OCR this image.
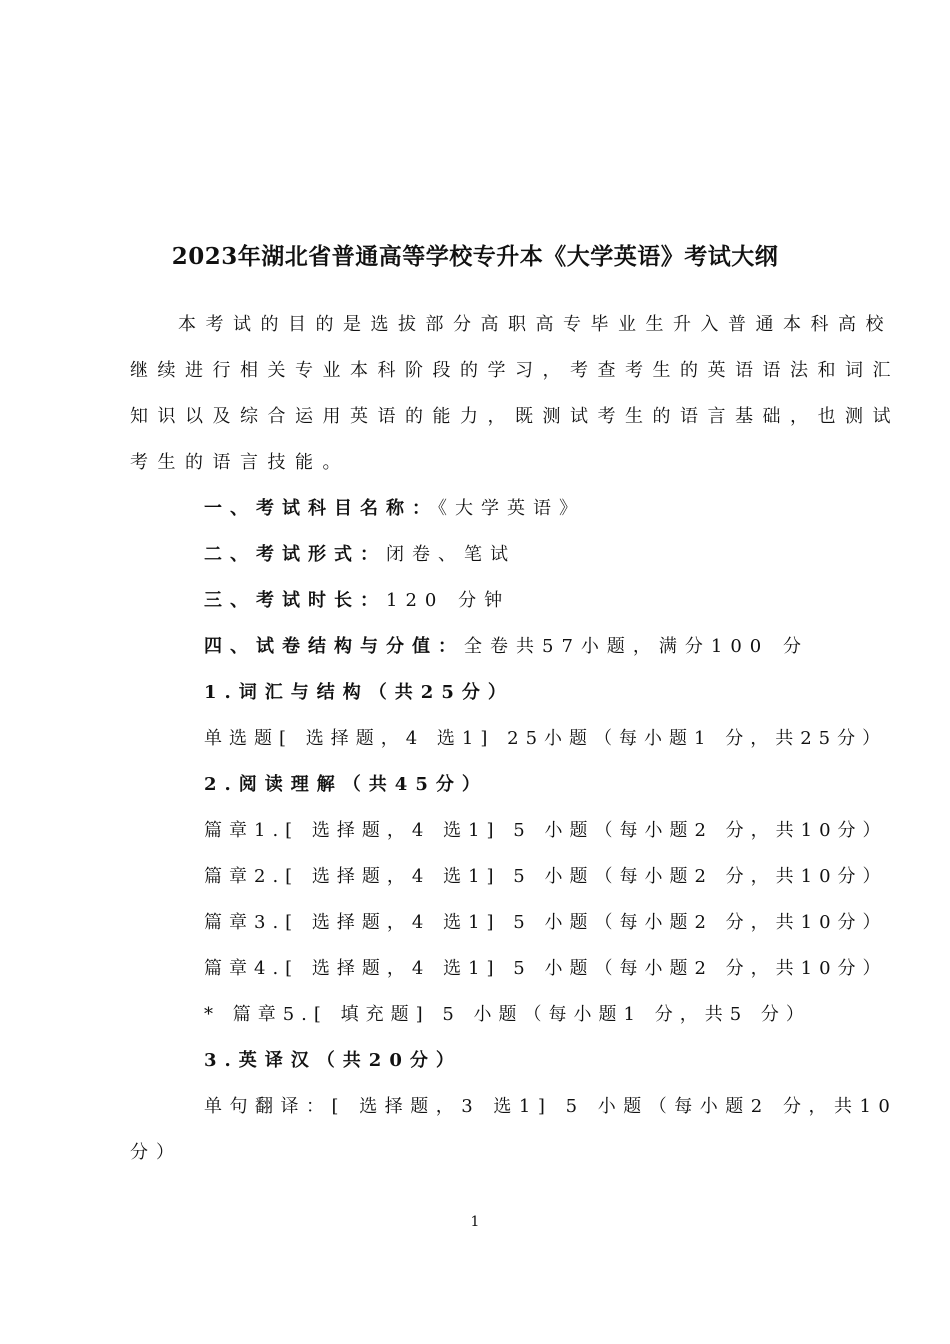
2023年湖北省普通高等学校专升本《大学英语》考试大纲
本考试的目的是选拔部分高职高专毕业生升入普通本科高校
继续进行相关专业本科阶段的学习，考查考生的英语语法和词汇
知识以及综合运用英语的能力，既测试考生的语言基础，也测试
考生的语言技能。
一、考试科目名称：《大学英语》
二、考试形式：闭卷、笔试
三、考试时长：120 分钟
四、试卷结构与分值：全卷共57小题，满分100 分
1.词汇与结构（共25分）
单选题[ 选择题，4 选1] 25小题（每小题1 分，共25分）
2.阅读理解（共45分）
篇章1.[ 选择题，4 选1] 5 小题（每小题2 分，共10分）
篇章2.[ 选择题，4 选1] 5 小题（每小题2 分，共10分）
篇章3.[ 选择题，4 选1] 5 小题（每小题2 分，共10分）
篇章4.[ 选择题，4 选1] 5 小题（每小题2 分，共10分）
* 篇章5.[ 填充题] 5 小题（每小题1 分，共5 分）
3.英译汉（共20分）
单句翻译：[ 选择题，3 选1] 5 小题（每小题2 分，共10
分）
1
